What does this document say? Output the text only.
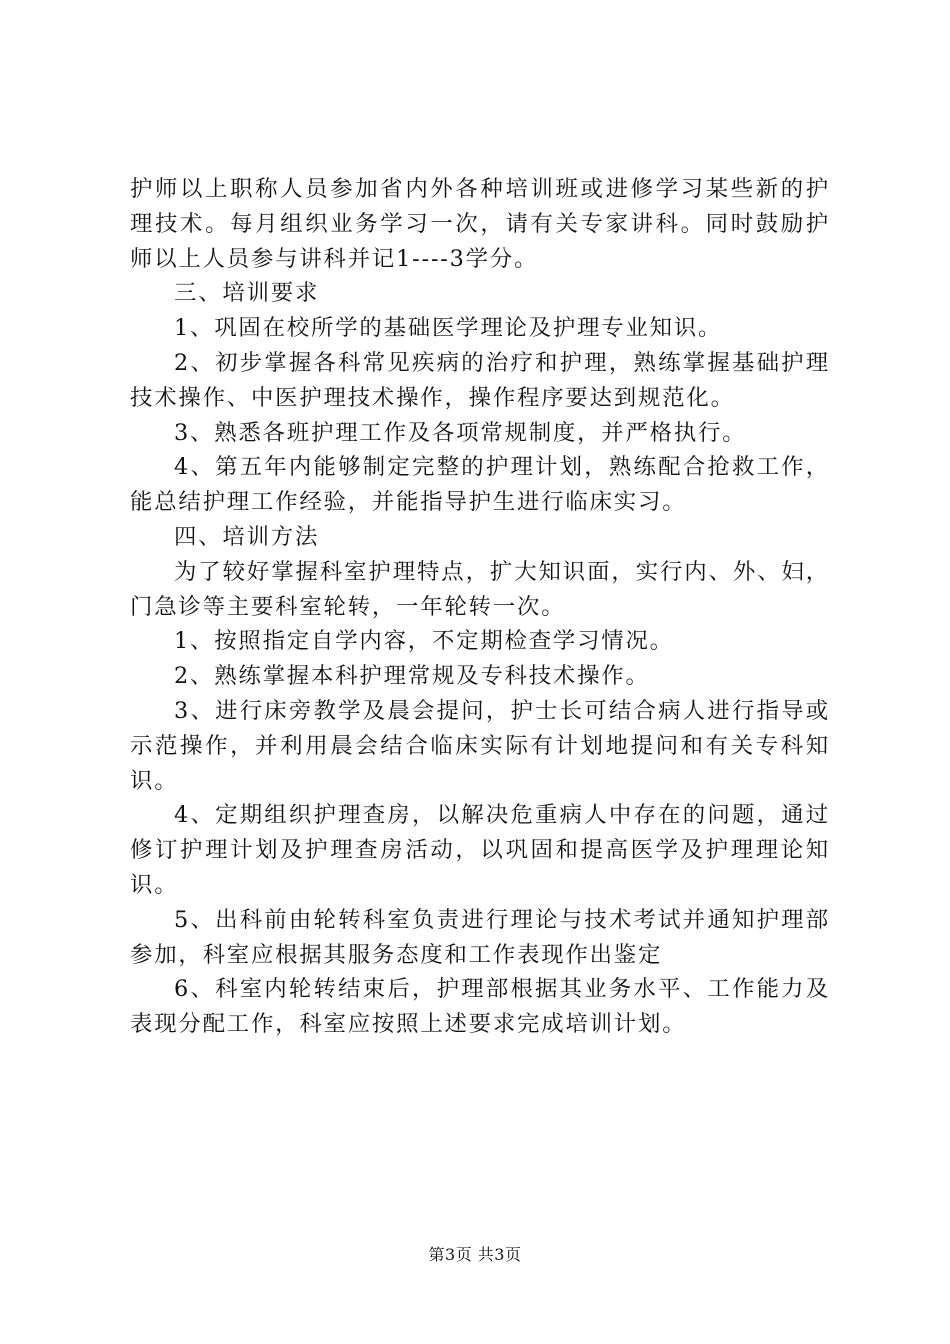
护师以上职称人员参加省内外各种培训班或进修学习某些新的护理技术。每月组织业务学习一次，请有关专家讲科。同时鼓励护师以上人员参与讲科并记1----3学分。

三、培训要求

1、巩固在校所学的基础医学理论及护理专业知识。

2、初步掌握各科常见疾病的治疗和护理，熟练掌握基础护理技术操作、中医护理技术操作，操作程序要达到规范化。

3、熟悉各班护理工作及各项常规制度，并严格执行。

4、第五年内能够制定完整的护理计划，熟练配合抢救工作，能总结护理工作经验，并能指导护生进行临床实习。

四、培训方法

为了较好掌握科室护理特点，扩大知识面，实行内、外、妇，门急诊等主要科室轮转，一年轮转一次。

1、按照指定自学内容，不定期检查学习情况。

2、熟练掌握本科护理常规及专科技术操作。

3、进行床旁教学及晨会提问，护士长可结合病人进行指导或示范操作，并利用晨会结合临床实际有计划地提问和有关专科知识。

4、定期组织护理查房，以解决危重病人中存在的问题，通过修订护理计划及护理查房活动，以巩固和提高医学及护理理论知识。

5、出科前由轮转科室负责进行理论与技术考试并通知护理部参加，科室应根据其服务态度和工作表现作出鉴定

6、科室内轮转结束后，护理部根据其业务水平、工作能力及表现分配工作，科室应按照上述要求完成培训计划。

第3页 共3页
